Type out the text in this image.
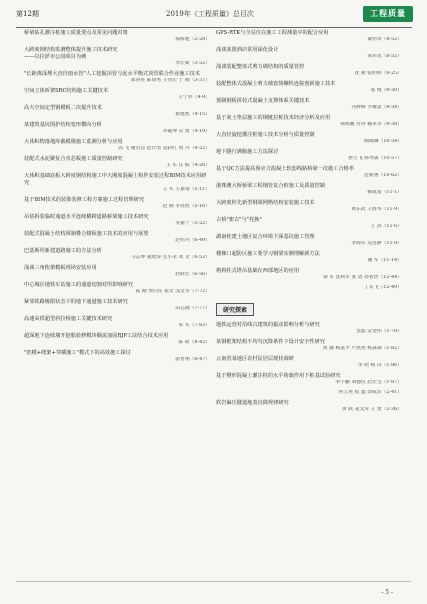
第12期	2019年《工程质量》总目次	工程质量
桥梁钻孔灌注桩施工质量要点及常见问题对策
郝海建（2-28）
大跨度钢结构监测整体提升施工技术研究
——以拉萨市公园项目为例
李宏斌（3-32）
"长距离深埋大直径雨水管"人工挖掘顶管与泥水平衡式顶管联合作业施工技术
郑涛亮 陈徐秀 王伟宏 于 刚（3-37）
空间立体析架SRC结构施工关键技术
王宁祥（4-9）
高大空间定型钢模板二次提升技术
蔡建凯（4-15）
某建筑基坑围护结构变形横向分析
李砚坤 吴 勇（4-19）
大体积物落地库截模极施工监测分析与应用
高 飞 谢启良 赵计清 袁彩红 黄 丹（4-22）
装配式水泥聚复合夹芯板施工质量控制研究
王 军 汪 振（4-26）
大体积基础底板大跨度钢结构施工中大刚度混凝土构件安装过程BIM技术应用研究
王 军 王嘉靖（5-11）
基于BIM技术的装饰装修工程方案施工过程管理研究
赵 刚 李亮胜（5-16）
吊装拆装临时通道水平连续横跨道路桥梁施工技术研究
李嘉宁（5-22）
装配式混凝土结构预制叠合楼板施工技术的应用与展望
赵伟丹（6-49）
巴基斯坦新建道路施工的方法分析
马志坤 梁欣涛 左小永 刘 文（6-53）
浅谈三角桁架模板现场安装应用
赵联宏（6-56）
中心城区地铁车站施工的通道切割对所影响研究
孤 刚 贾向东 张文 浅文华（7-72）
紧邻铁路极限状态下的地下通道施工技术研究
田志刚（7-77）
高速高铁超型斜拉桥施工关键技术研究
朱 军（7-83）
超深地下连续墙开挖船装修模块顺流加固RJP工法结合技术应用
陈 盼（8-42）
"铝模+爬架+穿插施工"模式下的高效施工探讨
游晋翔（8-47）
GPS-RTK与全站仪在施工工程测量中的配合应用
秦伟荣（8-52）
浅谈某银酒店常用深化设计
朱伟丞（8-55）
浅谈装配整体式剪力墙结构的质量管控
沈 斌 张明明（9-25）
装配整体式混凝土剪力墙套筒螺栓连接创新施工技术
张 维（9-30）
预制钢板拼装式混凝土支撑体系关键技术
冯峰峰 罗耀慧（9-34）
基于灰土垫层施工的钢链拉桩技术经济分析及应用
韩海鹏 付涛 赖永华（9-38）
大直径旋挖灌注桩施工技术分析与质量控制
陶晓琳（10-54）
地下隧行满腹施工方法探讨
唐立飞 韩寿森（10-57）
基于QC方法提高预应力混凝土软弱线路桥梁一次施工合格率
范新惠（10-62）
港珠澳大桥桥梁工程钢管复合桩施工及质量控制
杨成富（11-1）
大跨度栓先新型钢梁网格结构安装施工技术
黄东武 王海华（11-9）
古桥"架古"与"托换"
王 淇（11-6）
湖南桂建土地区复合环境下深基坑施工管理
李海宾 吴连静（11-9）
楼梯口超防区施工要学习钢梁实测理解新方法
谢 军（11-14）
格构柱式塔吊基础在西部地区的应用
梁 军 沈利军 张 恩 孙智贵（12-44）
丁东飞（12-49）
研究探索
地铁运营对沿线古建筑的振动影响分析与研究
金晶 安金伟（1-78）
某钢框架结构不均匀沉降条件下设计安全性研究
黄 敏 杨落平 卢凯亮 杨森森（1-82）
云南省某地区农村民居层现状调研
李 晗 杨 诗（1-86）
基于楔形混凝土灌注桩的水平荷载作用下桩基试验研究
李宇鹏 刘德民 赵宏宝（1-87）
何云英 程 鑫 余成洋（2-41）
软岩偏压隧道地表沉降规律研究
黄 跃 姜文涛 王 勇（2-36）
- 5 -
